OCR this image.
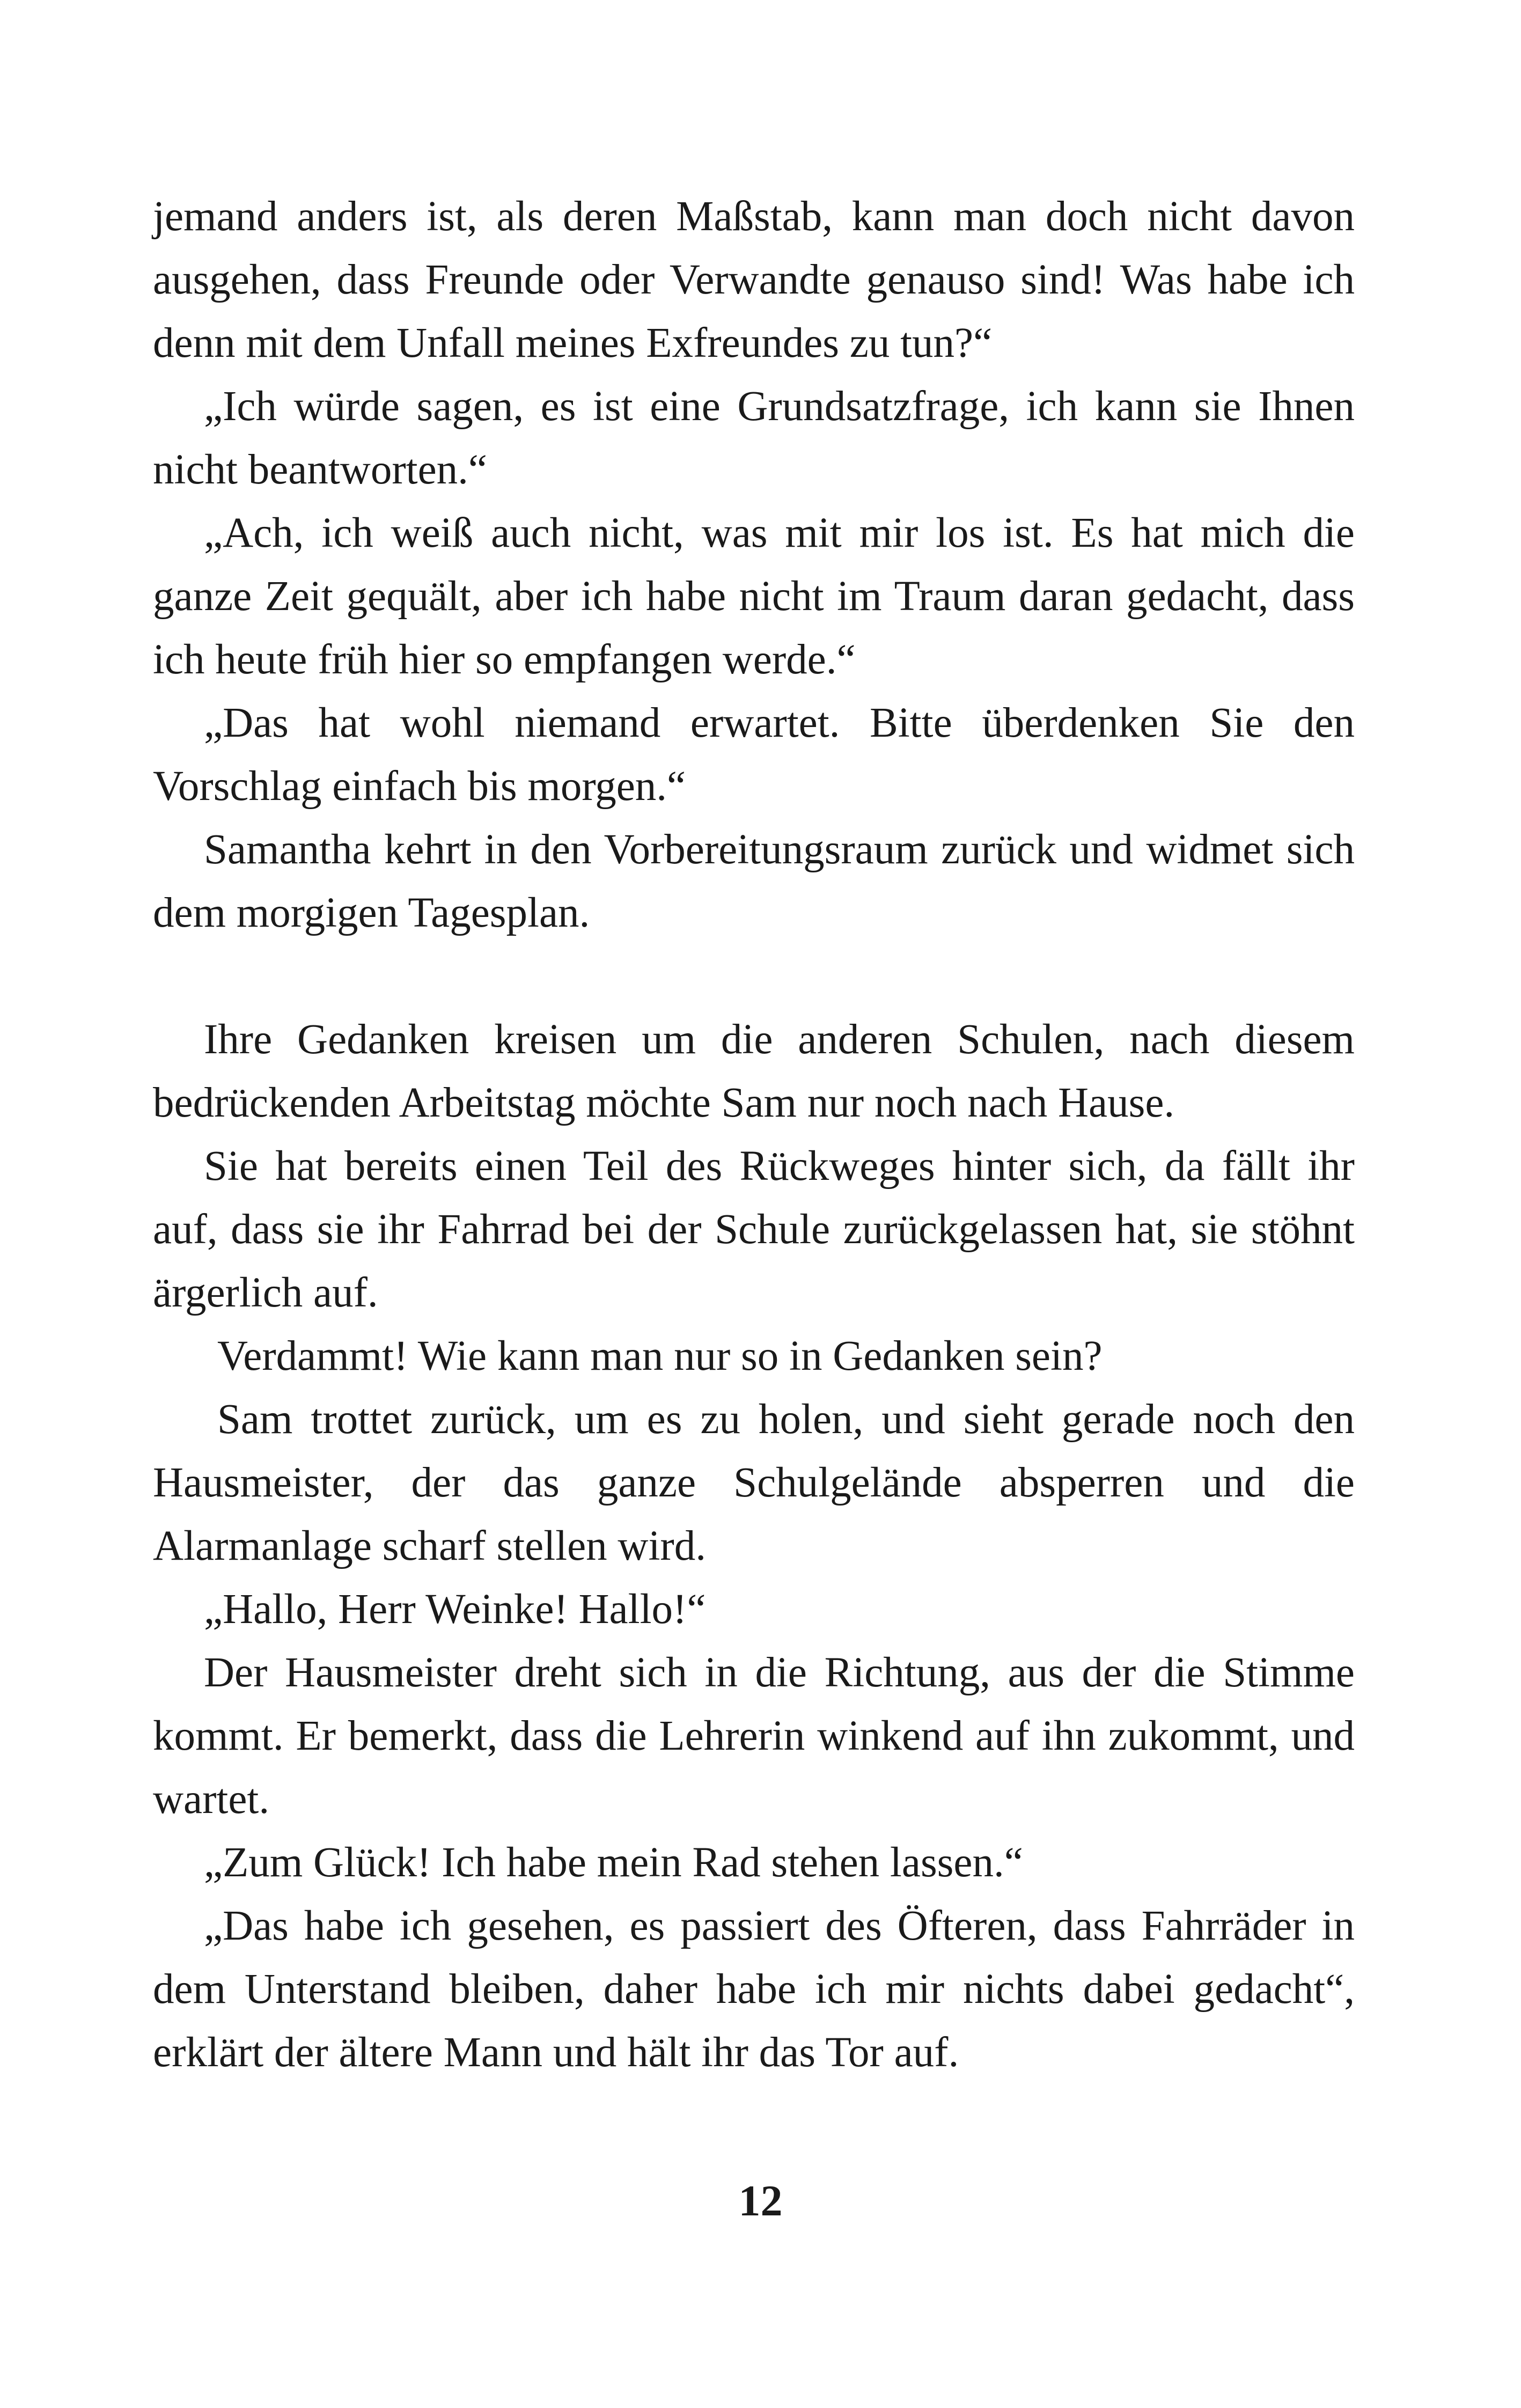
jemand anders ist, als deren Maßstab, kann man doch nicht davon ausgehen, dass Freunde oder Verwandte genauso sind! Was habe ich denn mit dem Unfall meines Exfreundes zu tun?“

„Ich würde sagen, es ist eine Grundsatzfrage, ich kann sie Ihnen nicht beantworten.“

„Ach, ich weiß auch nicht, was mit mir los ist. Es hat mich die ganze Zeit gequält, aber ich habe nicht im Traum daran gedacht, dass ich heute früh hier so empfangen werde.“

„Das hat wohl niemand erwartet. Bitte überdenken Sie den Vorschlag einfach bis morgen.“

Samantha kehrt in den Vorbereitungsraum zurück und widmet sich dem morgigen Tagesplan.

Ihre Gedanken kreisen um die anderen Schulen, nach diesem bedrückenden Arbeitstag möchte Sam nur noch nach Hause.

Sie hat bereits einen Teil des Rückweges hinter sich, da fällt ihr auf, dass sie ihr Fahrrad bei der Schule zurückgelassen hat, sie stöhnt ärgerlich auf.

Verdammt! Wie kann man nur so in Gedanken sein?

Sam trottet zurück, um es zu holen, und sieht gerade noch den Hausmeister, der das ganze Schulgelände absperren und die Alarmanlage scharf stellen wird.

„Hallo, Herr Weinke! Hallo!“

Der Hausmeister dreht sich in die Richtung, aus der die Stimme kommt. Er bemerkt, dass die Lehrerin winkend auf ihn zukommt, und wartet.

„Zum Glück! Ich habe mein Rad stehen lassen.“

„Das habe ich gesehen, es passiert des Öfteren, dass Fahrräder in dem Unterstand bleiben, daher habe ich mir nichts dabei gedacht“, erklärt der ältere Mann und hält ihr das Tor auf.

12
